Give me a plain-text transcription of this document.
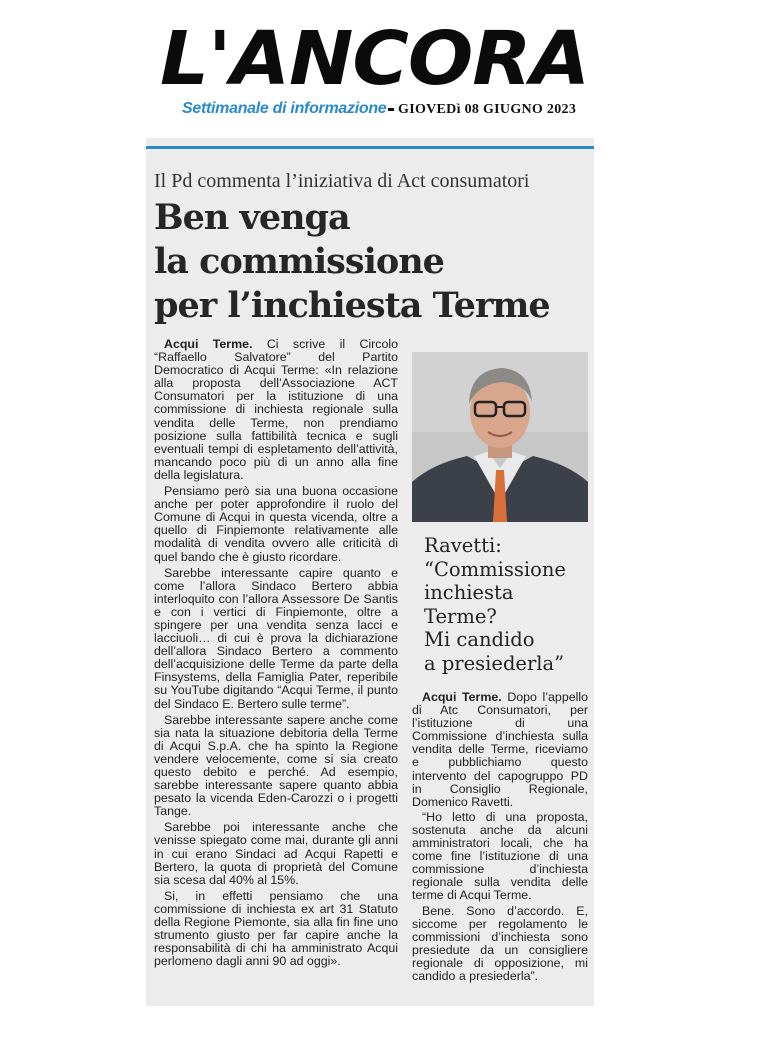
L'ANCORA
Settimanale di informazione GIOVEDì 08 GIUGNO 2023
Il Pd commenta l’iniziativa di Act consumatori
Ben venga
la commissione
per l’inchiesta Terme

Acqui Terme. Ci scrive il Circolo “Raffaello Salvatore” del Partito Democratico di Acqui Terme: «In relazione alla proposta dell’Associazione ACT Consumatori per la istituzione di una commissione di inchiesta regionale sulla vendita delle Terme, non prendiamo posizione sulla fattibilità tecnica e sugli eventuali tempi di espletamento dell’attività, mancando poco più di un anno alla fine della legislatura.

Pensiamo però sia una buona occasione anche per poter approfondire il ruolo del Comune di Acqui in questa vicenda, oltre a quello di Finpiemonte relativamente alle modalità di vendita ovvero alle criticità di quel bando che è giusto ricordare.

Sarebbe interessante capire quanto e come l’allora Sindaco Bertero abbia interloquito con l’allora Assessore De Santis e con i vertici di Finpiemonte, oltre a spingere per una vendita senza lacci e lacciuoli… di cui è prova la dichiarazione dell’allora Sindaco Bertero a commento dell’acquisizione delle Terme da parte della Finsystems, della Famiglia Pater, reperibile su YouTube digitando “Acqui Terme, il punto del Sindaco E. Bertero sulle terme”.

Sarebbe interessante sapere anche come sia nata la situazione debitoria della Terme di Acqui S.p.A. che ha spinto la Regione vendere velocemente, come si sia creato questo debito e perché. Ad esempio, sarebbe interessante sapere quanto abbia pesato la vicenda Eden-Carozzi o i progetti Tange.

Sarebbe poi interessante anche che venisse spiegato come mai, durante gli anni in cui erano Sindaci ad Acqui Rapetti e Bertero, la quota di proprietà del Comune sia scesa dal 40% al 15%.

Si, in effetti pensiamo che una commissione di inchiesta ex art 31 Statuto della Regione Piemonte, sia alla fin fine uno strumento giusto per far capire anche la responsabilità di chi ha amministrato Acqui perlomeno dagli anni 90 ad oggi».

Ravetti:
“Commissione
inchiesta
Terme?
Mi candido
a presiederla”

Acqui Terme. Dopo l’appello di Atc Consumatori, per l’istituzione di una Commissione d’inchiesta sulla vendita delle Terme, riceviamo e pubblichiamo questo intervento del capogruppo PD in Consiglio Regionale, Domenico Ravetti.

“Ho letto di una proposta, sostenuta anche da alcuni amministratori locali, che ha come fine l’istituzione di una commissione d’inchiesta regionale sulla vendita delle terme di Acqui Terme.

Bene. Sono d’accordo. E, siccome per regolamento le commissioni d’inchiesta sono presiedute da un consigliere regionale di opposizione, mi candido a presiederla”.
